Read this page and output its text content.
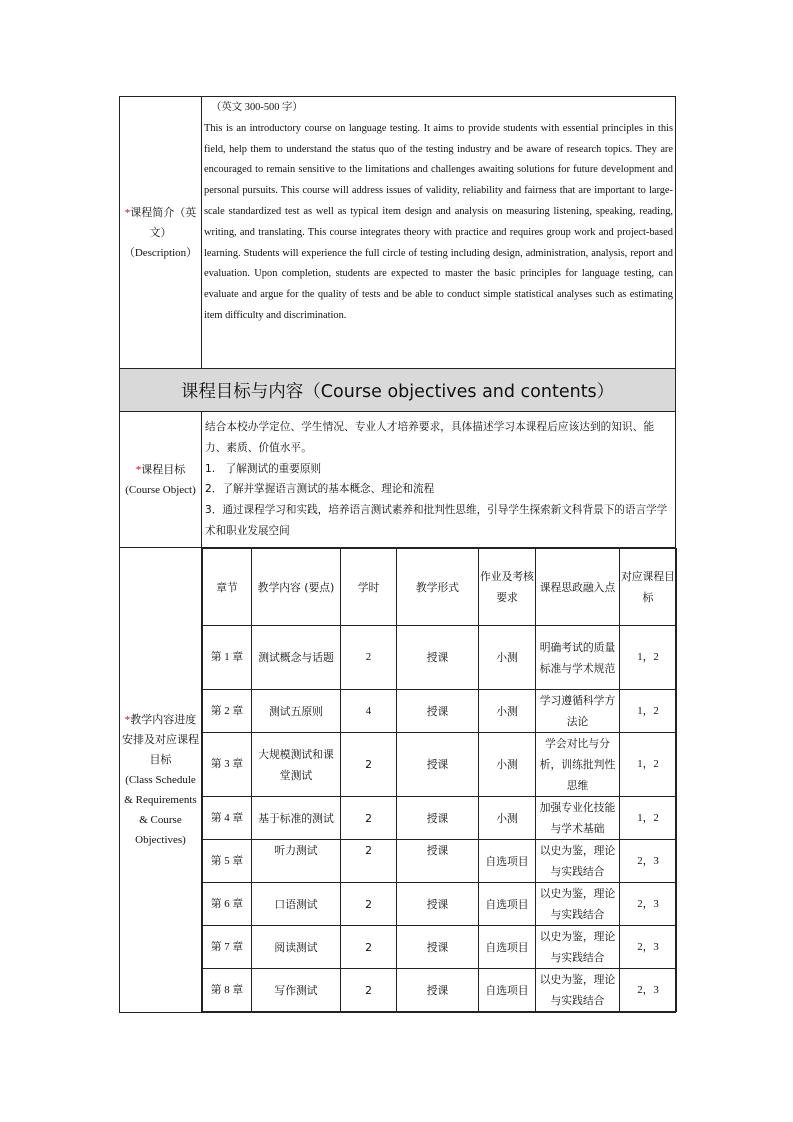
*课程简介（英文）
（Description）	
（英文 300-500 字）
This is an introductory course on language testing. It aims to provide students with essential principles in this field, help them to understand the status quo of the testing industry and be aware of research topics. They are encouraged to remain sensitive to the limitations and challenges awaiting solutions for future development and personal pursuits. This course will address issues of validity, reliability and fairness that are important to large-scale standardized test as well as typical item design and analysis on measuring listening, speaking, reading, writing, and translating. This course integrates theory with practice and requires group work and project-based learning. Students will experience the full circle of testing including design, administration, analysis, report and evaluation. Upon completion, students are expected to master the basic principles for language testing, can evaluate and argue for the quality of tests and be able to conduct simple statistical analyses such as estimating item difficulty and discrimination.

课程目标与内容（Course objectives and contents）
*课程目标
(Course Object)	
结合本校办学定位、学生情况、专业人才培养要求，具体描述学习本课程后应该达到的知识、能力、素质、价值水平。
1.　了解测试的重要原则
2．了解并掌握语言测试的基本概念、理论和流程
3．通过课程学习和实践，培养语言测试素养和批判性思维，引导学生探索新文科背景下的语言学学术和职业发展空间

*教学内容进度安排及对应课程目标
(Class Schedule & Requirements & Course Objectives)	
章节	教学内容 (要点)	学时	教学形式	作业及考核要求	课程思政融入点	对应课程目标
第 1 章	测试概念与话题	2	授课	小测	明确考试的质量标准与学术规范	1，2
第 2 章	测试五原则	4	授课	小测	学习遵循科学方法论	1，2
第 3 章	大规模测试和课堂测试	2	授课	小测	学会对比与分析，训练批判性思维	1，2
第 4 章	基于标准的测试	2	授课	小测	加强专业化技能与学术基础	1，2
第 5 章	听力测试	2	授课	自选项目	以史为鉴，理论与实践结合	2，3
第 6 章	口语测试	2	授课	自选项目	以史为鉴，理论与实践结合	2，3
第 7 章	阅读测试	2	授课	自选项目	以史为鉴，理论与实践结合	2，3
第 8 章	写作测试	2	授课	自选项目	以史为鉴，理论与实践结合	2，3
